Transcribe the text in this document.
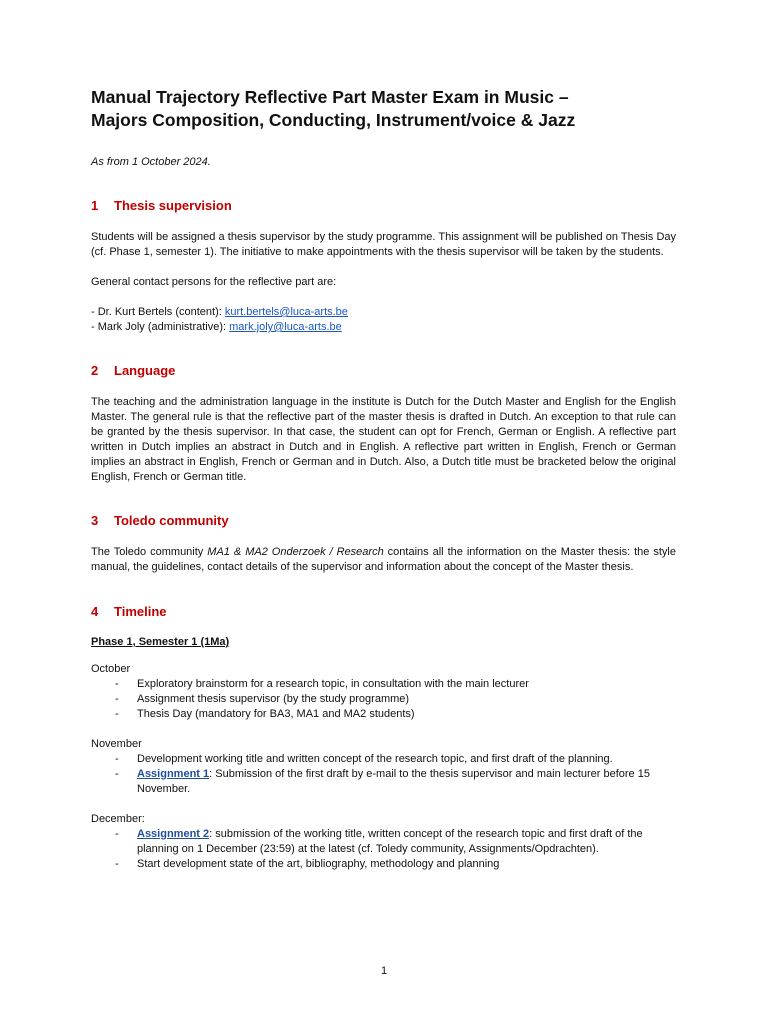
Manual Trajectory Reflective Part Master Exam in Music –
Majors Composition, Conducting, Instrument/voice & Jazz
As from 1 October 2024.
1	Thesis supervision

Students will be assigned a thesis supervisor by the study programme. This assignment will be published on Thesis Day (cf. Phase 1, semester 1). The initiative to make appointments with the thesis supervisor will be taken by the students.

General contact persons for the reflective part are:

- Dr. Kurt Bertels (content): kurt.bertels@luca-arts.be
- Mark Joly (administrative): mark.joly@luca-arts.be
2	Language

The teaching and the administration language in the institute is Dutch for the Dutch Master and English for the English Master. The general rule is that the reflective part of the master thesis is drafted in Dutch. An exception to that rule can be granted by the thesis supervisor. In that case, the student can opt for French, German or English. A reflective part written in Dutch implies an abstract in Dutch and in English. A reflective part written in English, French or German implies an abstract in English, French or German and in Dutch. Also, a Dutch title must be bracketed below the original English, French or German title.

3	Toledo community

The Toledo community MA1 & MA2 Onderzoek / Research contains all the information on the Master thesis: the style manual, the guidelines, contact details of the supervisor and information about the concept of the Master thesis.

4	Timeline
Phase 1, Semester 1 (1Ma)
October
- Exploratory brainstorm for a research topic, in consultation with the main lecturer
- Assignment thesis supervisor (by the study programme)
- Thesis Day (mandatory for BA3, MA1 and MA2 students)
November
- Development working title and written concept of the research topic, and first draft of the planning.
- Assignment 1: Submission of the first draft by e-mail to the thesis supervisor and main lecturer before 15 November.
December:
- Assignment 2: submission of the working title, written concept of the research topic and first draft of the planning on 1 December (23:59) at the latest (cf. Toledy community, Assignments/Opdrachten).
- Start development state of the art, bibliography, methodology and planning
1
